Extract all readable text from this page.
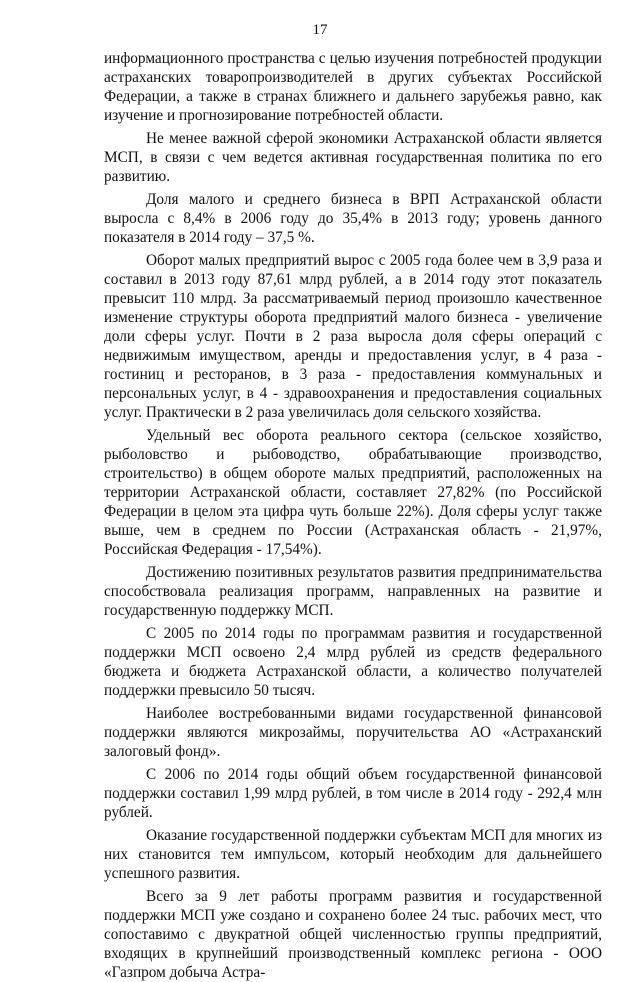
17

информационного пространства с целью изучения потребностей продукции астраханских товаропроизводителей в других субъектах Российской Федерации, а также в странах ближнего и дальнего зарубежья равно, как изучение и прогнозирование потребностей области.

Не менее важной сферой экономики Астраханской области является МСП, в связи с чем ведется активная государственная политика по его развитию.

Доля малого и среднего бизнеса в ВРП Астраханской области выросла с 8,4% в 2006 году до 35,4% в 2013 году; уровень данного показателя в 2014 году – 37,5 %.

Оборот малых предприятий вырос с 2005 года более чем в 3,9 раза и составил в 2013 году 87,61 млрд рублей, а в 2014 году этот показатель превысит 110 млрд. За рассматриваемый период произошло качественное изменение структуры оборота предприятий малого бизнеса - увеличение доли сферы услуг. Почти в 2 раза выросла доля сферы операций с недвижимым имуществом, аренды и предоставления услуг, в 4 раза - гостиниц и ресторанов, в 3 раза - предоставления коммунальных и персональных услуг, в 4 - здравоохранения и предоставления социальных услуг. Практически в 2 раза увеличилась доля сельского хозяйства.

Удельный вес оборота реального сектора (сельское хозяйство, рыболовство и рыбоводство, обрабатывающие производство, строительство) в общем обороте малых предприятий, расположенных на территории Астраханской области, составляет 27,82% (по Российской Федерации в целом эта цифра чуть больше 22%). Доля сферы услуг также выше, чем в среднем по России (Астраханская область - 21,97%, Российская Федерация - 17,54%).

Достижению позитивных результатов развития предпринимательства способствовала реализация программ, направленных на развитие и государственную поддержку МСП.

С 2005 по 2014 годы по программам развития и государственной поддержки МСП освоено 2,4 млрд рублей из средств федерального бюджета и бюджета Астраханской области, а количество получателей поддержки превысило 50 тысяч.

Наиболее востребованными видами государственной финансовой поддержки являются микрозаймы, поручительства АО «Астраханский залоговый фонд».

С 2006 по 2014 годы общий объем государственной финансовой поддержки составил 1,99 млрд рублей, в том числе в 2014 году - 292,4 млн рублей.

Оказание государственной поддержки субъектам МСП для многих из них становится тем импульсом, который необходим для дальнейшего успешного развития.

Всего за 9 лет работы программ развития и государственной поддержки МСП уже создано и сохранено более 24 тыс. рабочих мест, что сопоставимо с двукратной общей численностью группы предприятий, входящих в крупнейший производственный комплекс региона - ООО «Газпром добыча Астра-
